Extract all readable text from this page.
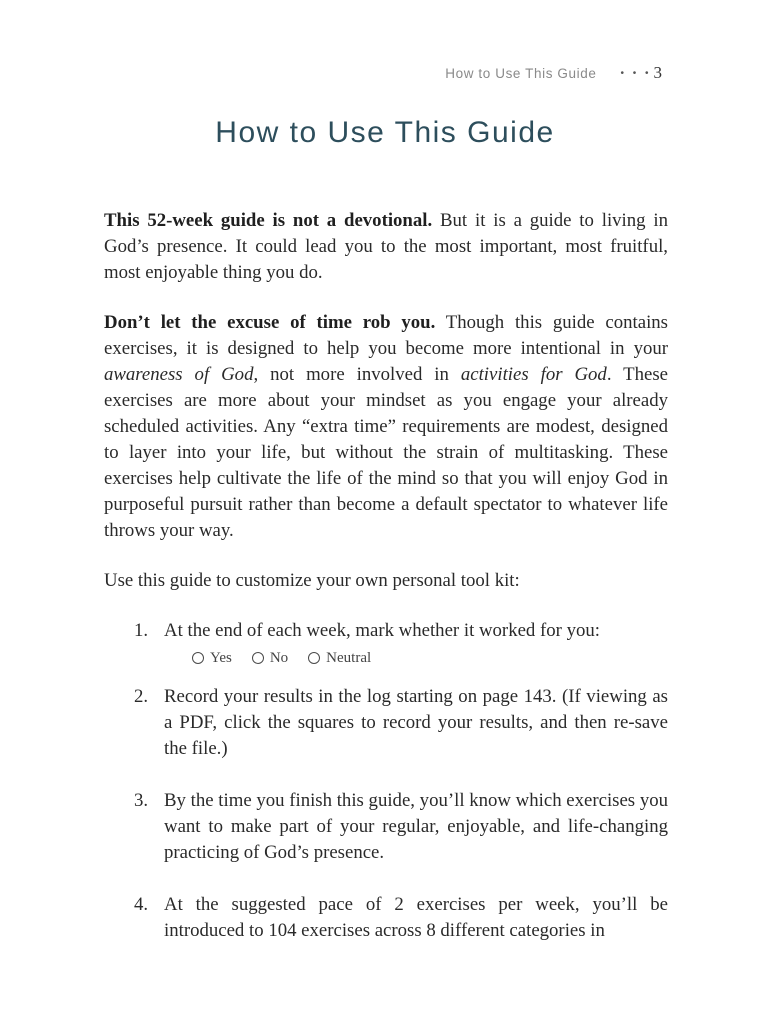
How to Use This Guide • • • 3
How to Use This Guide

This 52-week guide is not a devotional. But it is a guide to living in God’s presence. It could lead you to the most important, most fruitful, most enjoyable thing you do.

Don’t let the excuse of time rob you. Though this guide contains exercises, it is designed to help you become more intentional in your awareness of God, not more involved in activities for God. These exercises are more about your mindset as you engage your already scheduled activities. Any “extra time” requirements are modest, designed to layer into your life, but without the strain of multitasking. These exercises help cultivate the life of the mind so that you will enjoy God in purposeful pursuit rather than become a default spectator to whatever life throws your way.

Use this guide to customize your own personal tool kit:

1. At the end of each week, mark whether it worked for you:
Yes	No	Neutral
2. Record your results in the log starting on page 143. (If viewing as a PDF, click the squares to record your results, and then re-save the file.)
3. By the time you finish this guide, you’ll know which exercises you want to make part of your regular, enjoyable, and life-changing practicing of God’s presence.
4. At the suggested pace of 2 exercises per week, you’ll be introduced to 104 exercises across 8 different categories in
